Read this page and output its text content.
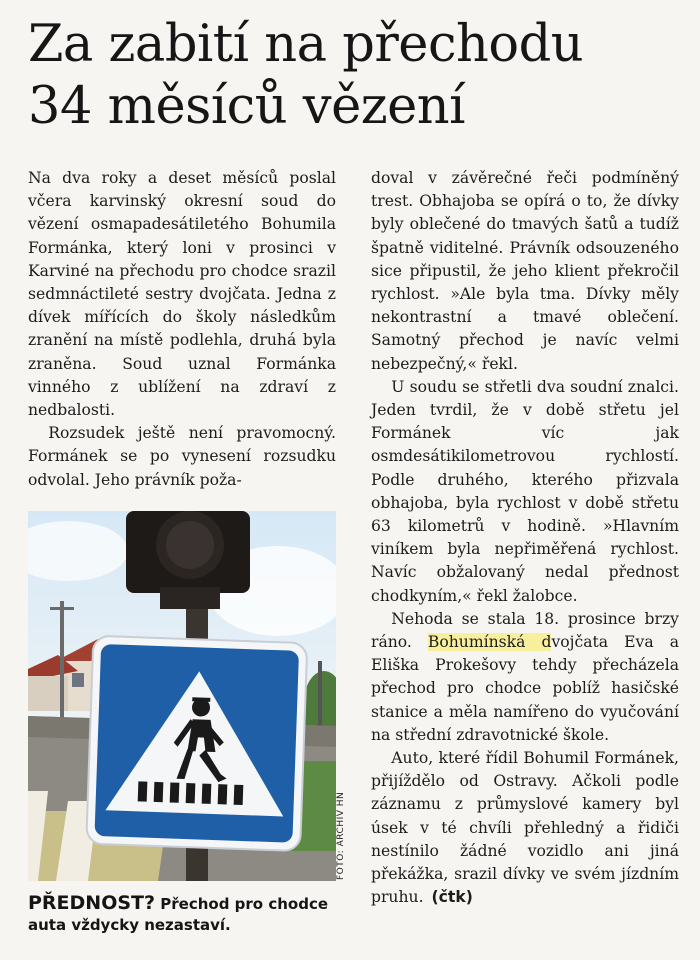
Za zabití na přechodu
34 měsíců vězení

Na dva roky a deset měsíců poslal včera karvinský okresní soud do vězení osmapadesátiletého Bohumila Formánka, který loni v prosinci v Karviné na přechodu pro chodce srazil sedmnáctileté sestry dvojčata. Jedna z dívek mířících do školy následkům zranění na místě podlehla, druhá byla zraněna. Soud uznal Formánka vinného z ublížení na zdraví z nedbalosti.

Rozsudek ještě není pravomocný. Formánek se po vynesení rozsudku odvolal. Jeho právník poža-

FOTO: ARCHIV HN
PŘEDNOST? Přechod pro chodce auta vždycky nezastaví.

doval v závěrečné řeči podmíněný trest. Obhajoba se opírá o to, že dívky byly oblečené do tmavých šatů a tudíž špatně viditelné. Právník odsouzeného sice připustil, že jeho klient překročil rychlost. »Ale byla tma. Dívky měly nekontrastní a tmavé oblečení. Samotný přechod je navíc velmi nebezpečný,« řekl.

U soudu se střetli dva soudní znalci. Jeden tvrdil, že v době střetu jel Formánek víc jak osmdesátikilometrovou rychlostí. Podle druhého, kterého přizvala obhajoba, byla rychlost v době střetu 63 kilometrů v hodině. »Hlavním viníkem byla nepřiměřená rychlost. Navíc obžalovaný nedal přednost chodkyním,« řekl žalobce.

Nehoda se stala 18. prosince brzy ráno. Bohumínská dvojčata Eva a Eliška Prokešovy tehdy přecházela přechod pro chodce poblíž hasičské stanice a měla namířeno do vyučování na střední zdravotnické škole.

Auto, které řídil Bohumil Formánek, přijíždělo od Ostravy. Ačkoli podle záznamu z průmyslové kamery byl úsek v té chvíli přehledný a řidiči nestínilo žádné vozidlo ani jiná překážka, srazil dívky ve svém jízdním pruhu. (čtk)
